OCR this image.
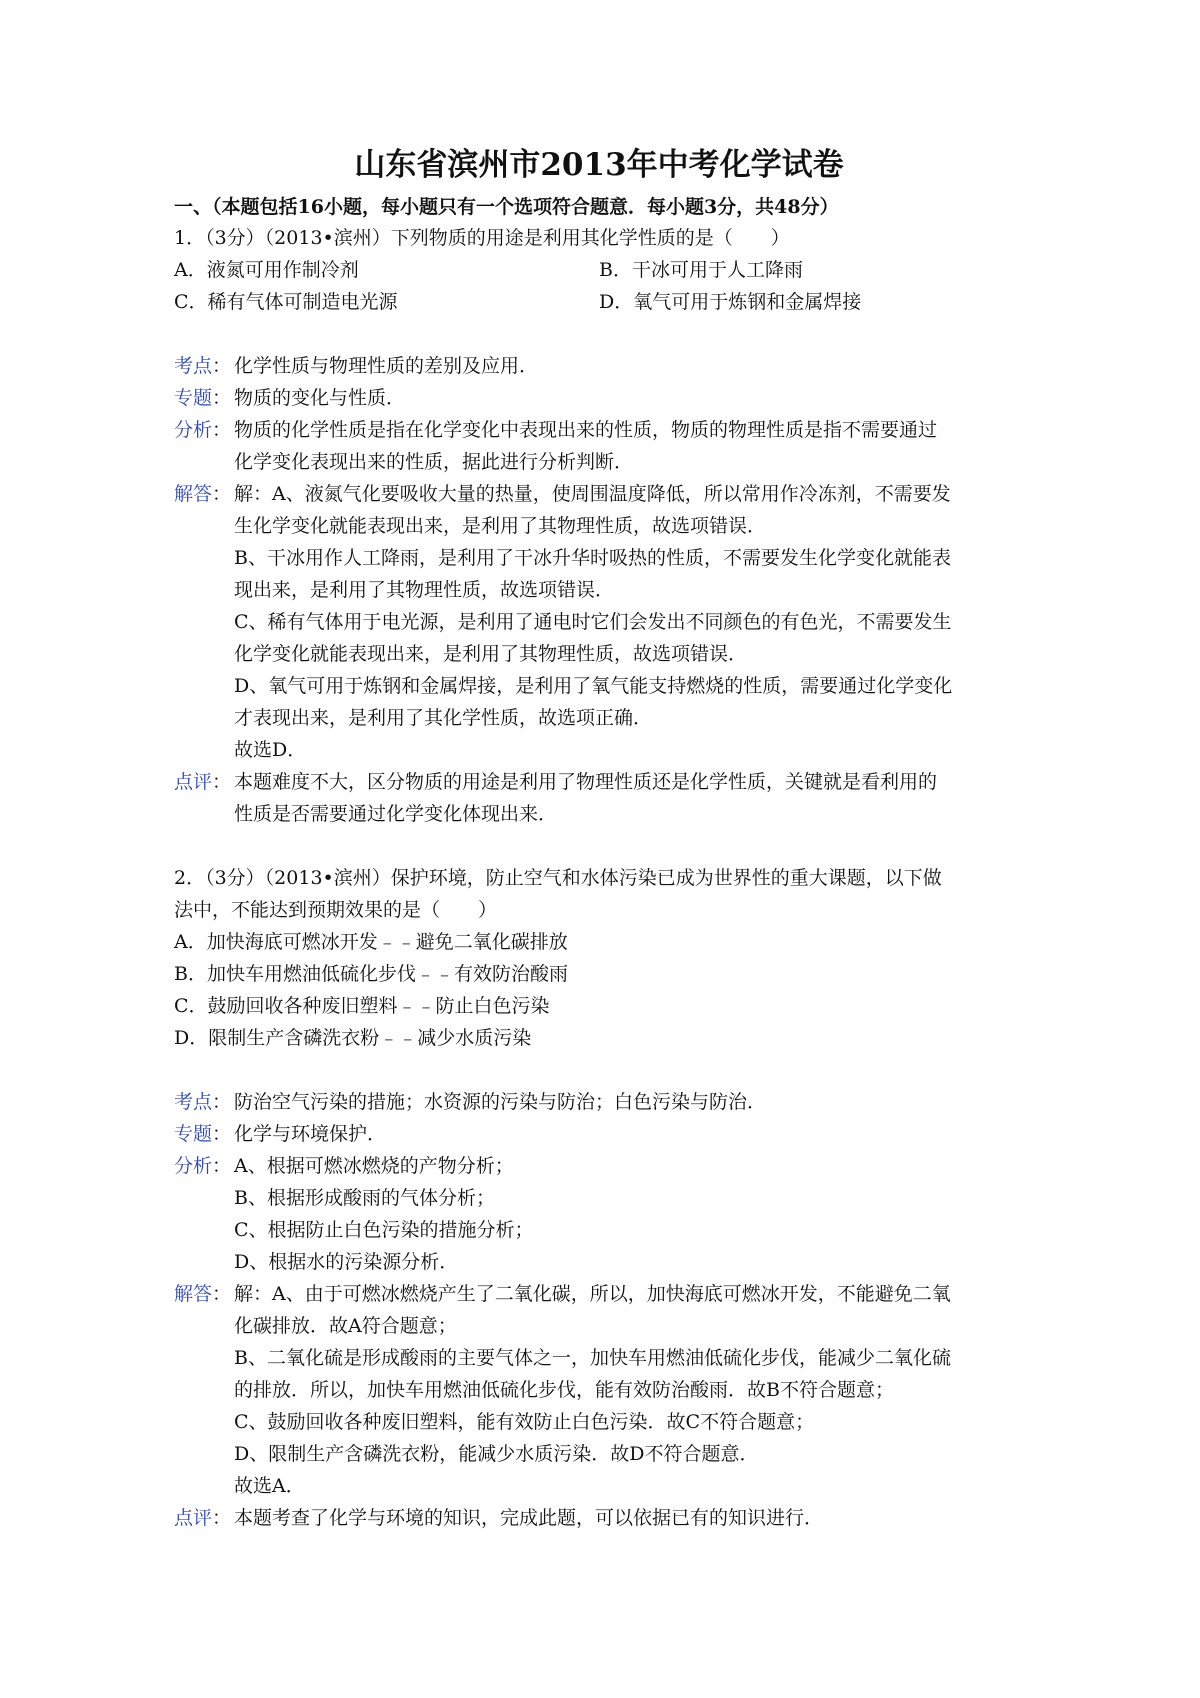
山东省滨州市2013年中考化学试卷
一、（本题包括16小题，每小题只有一个选项符合题意．每小题3分，共48分）
1．（3分）（2013•滨州）下列物质的用途是利用其化学性质的是（　　）
A．液氮可用作制冷剂	B．干冰可用于人工降雨
C．稀有气体可制造电光源	D．氧气可用于炼钢和金属焊接
考点： 化学性质与物理性质的差别及应用．

专题： 物质的变化与性质．

分析： 物质的化学性质是指在化学变化中表现出来的性质，物质的物理性质是指不需要通过

化学变化表现出来的性质，据此进行分析判断．

解答： 解：A、液氮气化要吸收大量的热量，使周围温度降低，所以常用作冷冻剂，不需要发

生化学变化就能表现出来，是利用了其物理性质，故选项错误．

B、干冰用作人工降雨，是利用了干冰升华时吸热的性质，不需要发生化学变化就能表

现出来，是利用了其物理性质，故选项错误．

C、稀有气体用于电光源，是利用了通电时它们会发出不同颜色的有色光，不需要发生

化学变化就能表现出来，是利用了其物理性质，故选项错误．

D、氧气可用于炼钢和金属焊接，是利用了氧气能支持燃烧的性质，需要通过化学变化

才表现出来，是利用了其化学性质，故选项正确．

故选D．

点评： 本题难度不大，区分物质的用途是利用了物理性质还是化学性质，关键就是看利用的

性质是否需要通过化学变化体现出来．

2．（3分）（2013•滨州）保护环境，防止空气和水体污染已成为世界性的重大课题，以下做
法中，不能达到预期效果的是（　　）
A．加快海底可燃冰开发﹣﹣避免二氧化碳排放
B．加快车用燃油低硫化步伐﹣﹣有效防治酸雨
C．鼓励回收各种废旧塑料﹣﹣防止白色污染
D．限制生产含磷洗衣粉﹣﹣减少水质污染
考点： 防治空气污染的措施；水资源的污染与防治；白色污染与防治．

专题： 化学与环境保护．

分析： A、根据可燃冰燃烧的产物分析；

B、根据形成酸雨的气体分析；

C、根据防止白色污染的措施分析；

D、根据水的污染源分析．

解答： 解：A、由于可燃冰燃烧产生了二氧化碳，所以，加快海底可燃冰开发，不能避免二氧

化碳排放．故A符合题意；

B、二氧化硫是形成酸雨的主要气体之一，加快车用燃油低硫化步伐，能减少二氧化硫

的排放．所以，加快车用燃油低硫化步伐，能有效防治酸雨．故B不符合题意；

C、鼓励回收各种废旧塑料，能有效防止白色污染．故C不符合题意；

D、限制生产含磷洗衣粉，能减少水质污染．故D不符合题意．

故选A．

点评： 本题考查了化学与环境的知识，完成此题，可以依据已有的知识进行．
